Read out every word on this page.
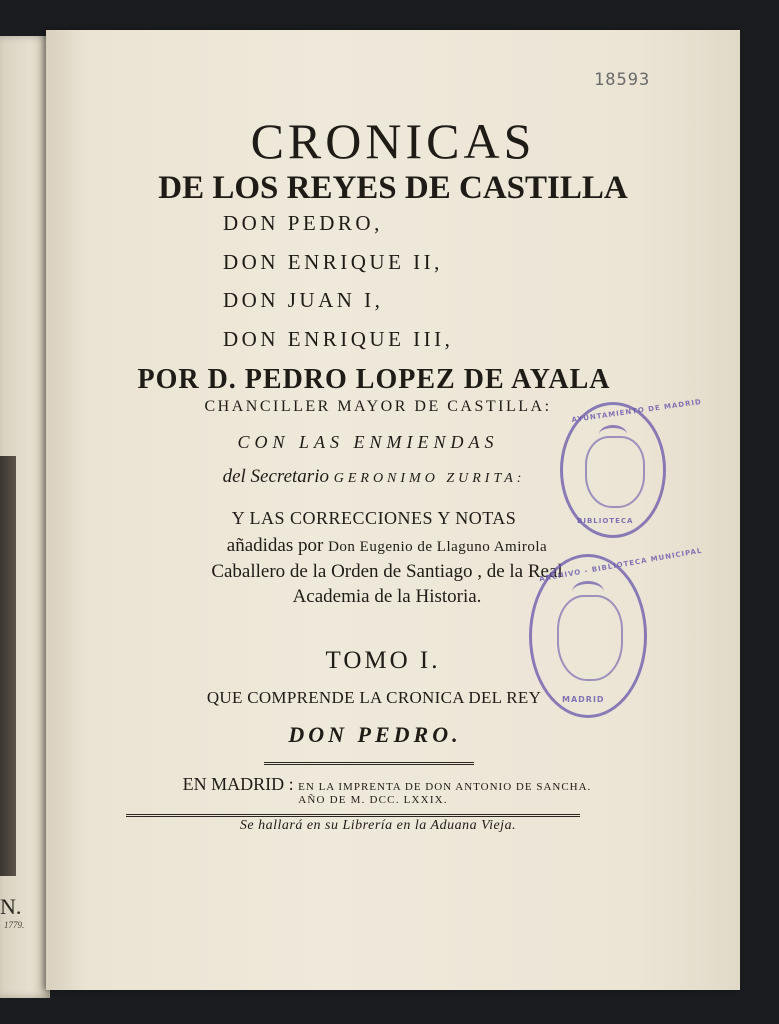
N.
1779.
18593
CRONICAS
DE LOS REYES DE CASTILLA
DON PEDRO,
DON ENRIQUE II,
DON JUAN I,
DON ENRIQUE III,
POR D. PEDRO LOPEZ DE AYALA
CHANCILLER MAYOR DE CASTILLA:
CON LAS ENMIENDAS
del Secretario GERONIMO ZURITA:
Y LAS CORRECCIONES Y NOTAS
añadidas por Don Eugenio de Llaguno Amirola
Caballero de la Orden de Santiago , de la Real
Academia de la Historia.
TOMO I.
QUE COMPRENDE LA CRONICA DEL REY
DON PEDRO.
EN MADRID : EN LA IMPRENTA DE DON ANTONIO DE SANCHA.
AÑO DE M. DCC. LXXIX.
Se hallará en su Librería en la Aduana Vieja.
AYUNTAMIENTO DE MADRID
BIBLIOTECA
ARCHIVO - BIBLIOTECA MUNICIPAL
MADRID
